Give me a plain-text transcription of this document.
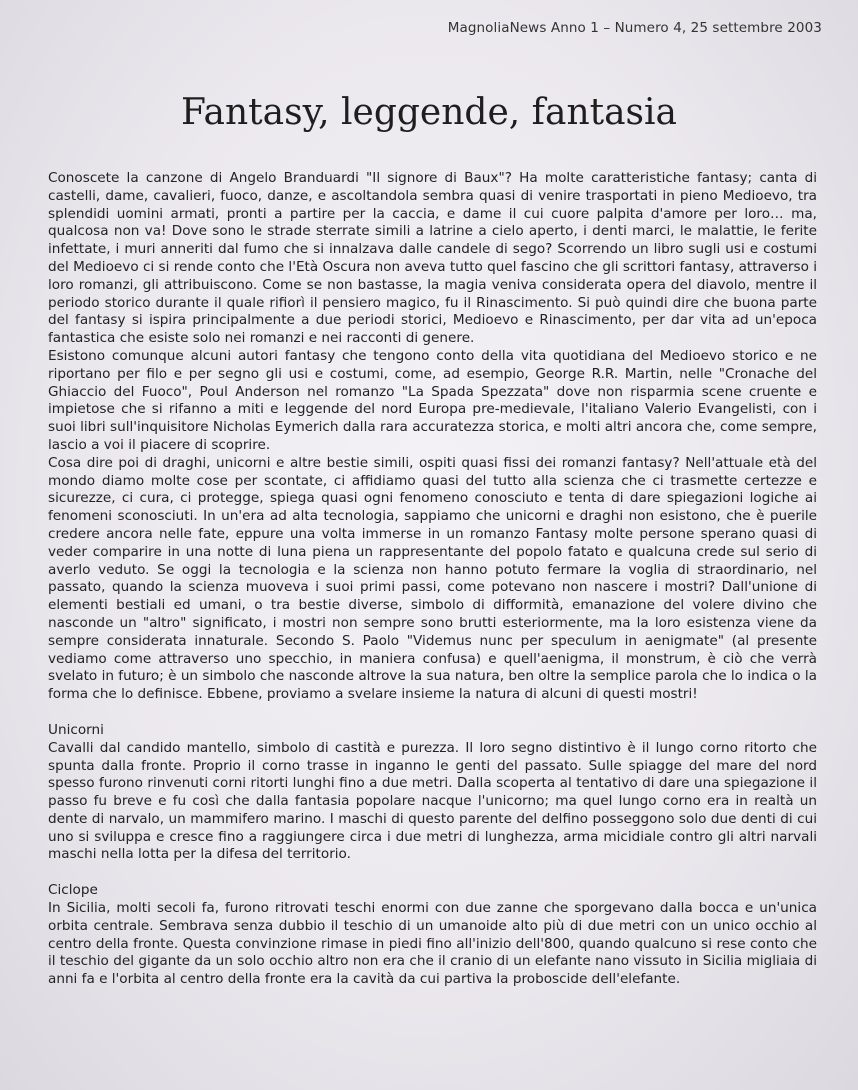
MagnoliaNews Anno 1 – Numero 4, 25 settembre 2003
Fantasy, leggende, fantasia

Conoscete la canzone di Angelo Branduardi "Il signore di Baux"? Ha molte caratteristiche fantasy; canta di castelli, dame, cavalieri, fuoco, danze, e ascoltandola sembra quasi di venire trasportati in pieno Medioevo, tra splendidi uomini armati, pronti a partire per la caccia, e dame il cui cuore palpita d'amore per loro… ma, qualcosa non va! Dove sono le strade sterrate simili a latrine a cielo aperto, i denti marci, le malattie, le ferite infettate, i muri anneriti dal fumo che si innalzava dalle candele di sego? Scorrendo un libro sugli usi e costumi del Medioevo ci si rende conto che l'Età Oscura non aveva tutto quel fascino che gli scrittori fantasy, attraverso i loro romanzi, gli attribuiscono. Come se non bastasse, la magia veniva considerata opera del diavolo, mentre il periodo storico durante il quale rifiorì il pensiero magico, fu il Rinascimento. Si può quindi dire che buona parte del fantasy si ispira principalmente a due periodi storici, Medioevo e Rinascimento, per dar vita ad un'epoca fantastica che esiste solo nei romanzi e nei racconti di genere.

Esistono comunque alcuni autori fantasy che tengono conto della vita quotidiana del Medioevo storico e ne riportano per filo e per segno gli usi e costumi, come, ad esempio, George R.R. Martin, nelle "Cronache del Ghiaccio del Fuoco", Poul Anderson nel romanzo "La Spada Spezzata" dove non risparmia scene cruente e impietose che si rifanno a miti e leggende del nord Europa pre-medievale, l'italiano Valerio Evangelisti, con i suoi libri sull'inquisitore Nicholas Eymerich dalla rara accuratezza storica, e molti altri ancora che, come sempre, lascio a voi il piacere di scoprire.

Cosa dire poi di draghi, unicorni e altre bestie simili, ospiti quasi fissi dei romanzi fantasy? Nell'attuale età del mondo diamo molte cose per scontate, ci affidiamo quasi del tutto alla scienza che ci trasmette certezze e sicurezze, ci cura, ci protegge, spiega quasi ogni fenomeno conosciuto e tenta di dare spiegazioni logiche ai fenomeni sconosciuti. In un'era ad alta tecnologia, sappiamo che unicorni e draghi non esistono, che è puerile credere ancora nelle fate, eppure una volta immerse in un romanzo Fantasy molte persone sperano quasi di veder comparire in una notte di luna piena un rappresentante del popolo fatato e qualcuna crede sul serio di averlo veduto. Se oggi la tecnologia e la scienza non hanno potuto fermare la voglia di straordinario, nel passato, quando la scienza muoveva i suoi primi passi, come potevano non nascere i mostri? Dall'unione di elementi bestiali ed umani, o tra bestie diverse, simbolo di difformità, emanazione del volere divino che nasconde un "altro" significato, i mostri non sempre sono brutti esteriormente, ma la loro esistenza viene da sempre considerata innaturale. Secondo S. Paolo "Videmus nunc per speculum in aenigmate" (al presente vediamo come attraverso uno specchio, in maniera confusa) e quell'aenigma, il monstrum, è ciò che verrà svelato in futuro; è un simbolo che nasconde altrove la sua natura, ben oltre la semplice parola che lo indica o la forma che lo definisce. Ebbene, proviamo a svelare insieme la natura di alcuni di questi mostri!

Unicorni

Cavalli dal candido mantello, simbolo di castità e purezza. Il loro segno distintivo è il lungo corno ritorto che spunta dalla fronte. Proprio il corno trasse in inganno le genti del passato. Sulle spiagge del mare del nord spesso furono rinvenuti corni ritorti lunghi fino a due metri. Dalla scoperta al tentativo di dare una spiegazione il passo fu breve e fu così che dalla fantasia popolare nacque l'unicorno; ma quel lungo corno era in realtà un dente di narvalo, un mammifero marino. I maschi di questo parente del delfino posseggono solo due denti di cui uno si sviluppa e cresce fino a raggiungere circa i due metri di lunghezza, arma micidiale contro gli altri narvali maschi nella lotta per la difesa del territorio.

Ciclope

In Sicilia, molti secoli fa, furono ritrovati teschi enormi con due zanne che sporgevano dalla bocca e un'unica orbita centrale. Sembrava senza dubbio il teschio di un umanoide alto più di due metri con un unico occhio al centro della fronte. Questa convinzione rimase in piedi fino all'inizio dell'800, quando qualcuno si rese conto che il teschio del gigante da un solo occhio altro non era che il cranio di un elefante nano vissuto in Sicilia migliaia di anni fa e l'orbita al centro della fronte era la cavità da cui partiva la proboscide dell'elefante.
